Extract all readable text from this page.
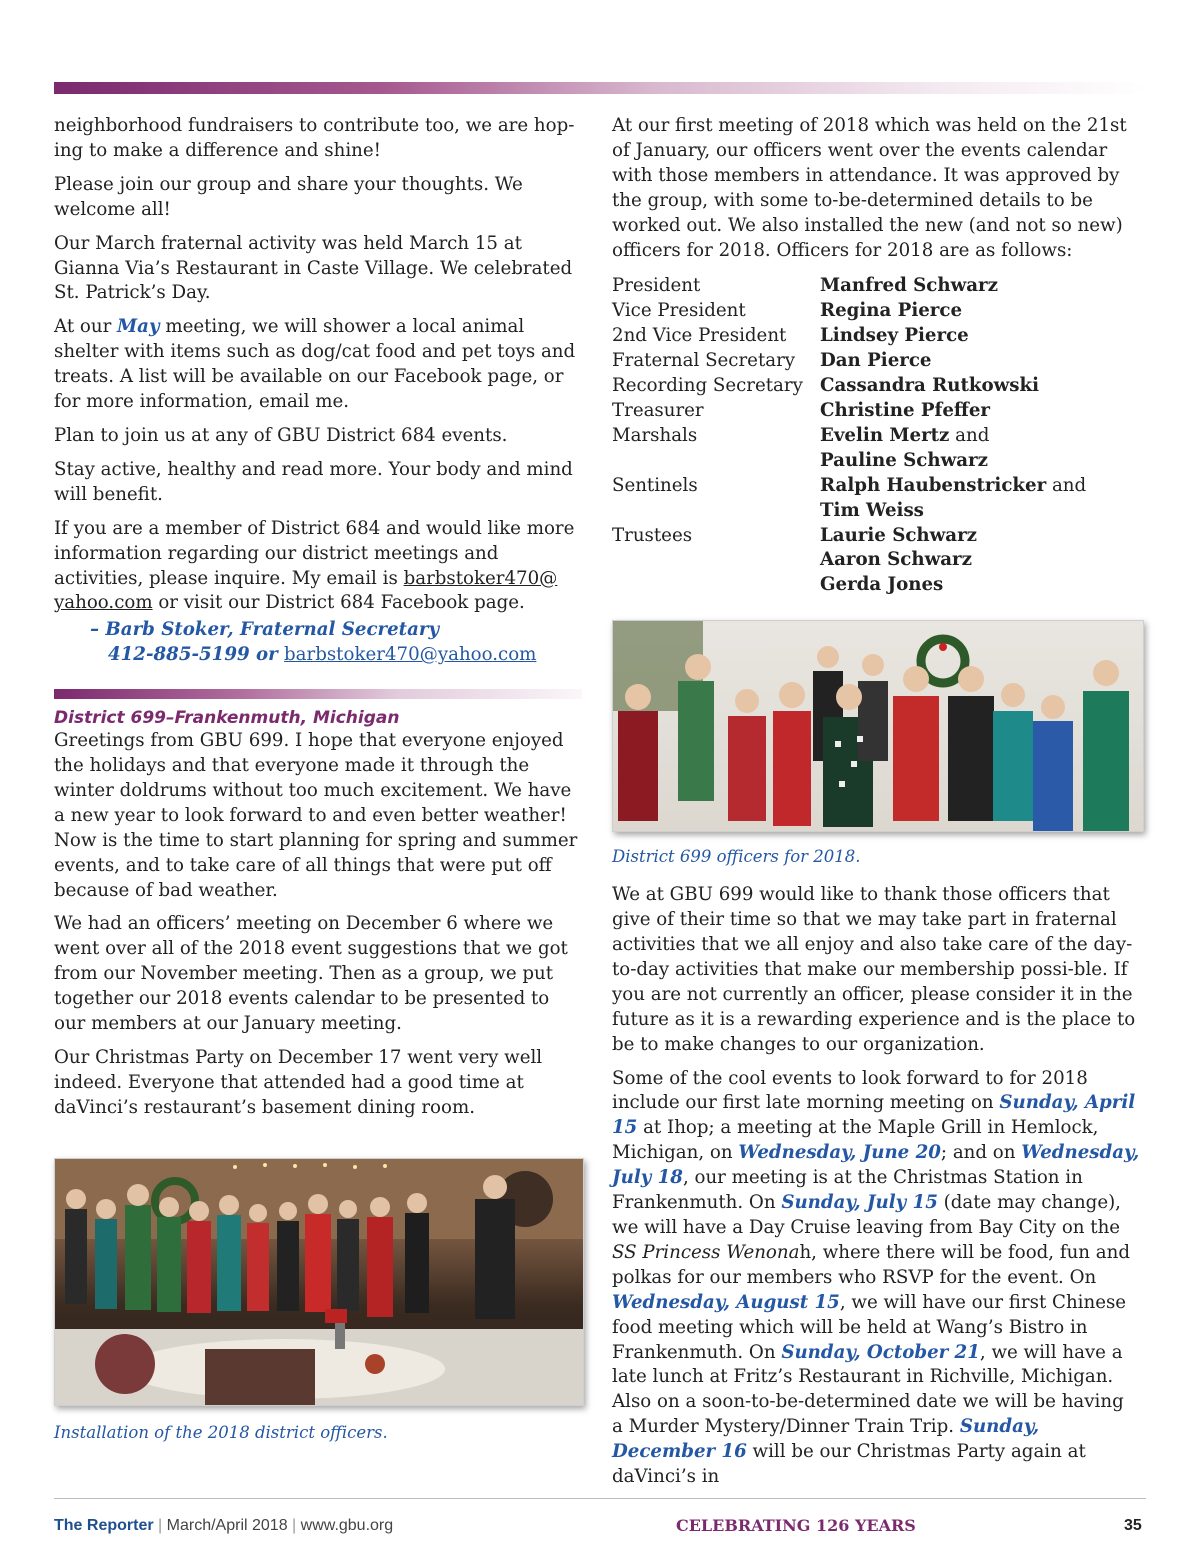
neighborhood fundraisers to contribute too, we are hop-ing to make a difference and shine!

Please join our group and share your thoughts. We welcome all!

Our March fraternal activity was held March 15 at Gianna Via’s Restaurant in Caste Village. We celebrated St. Patrick’s Day.

At our May meeting, we will shower a local animal shelter with items such as dog/cat food and pet toys and treats. A list will be available on our Facebook page, or for more information, email me.

Plan to join us at any of GBU District 684 events.

Stay active, healthy and read more. Your body and mind will benefit.

If you are a member of District 684 and would like more information regarding our district meetings and activities, please inquire. My email is barbstoker470@ yahoo.com or visit our District 684 Facebook page.

– Barb Stoker, Fraternal Secretary
412-885-5199 or barbstoker470@yahoo.com
District 699–Frankenmuth, Michigan

Greetings from GBU 699. I hope that everyone enjoyed the holidays and that everyone made it through the winter doldrums without too much excitement. We have a new year to look forward to and even better weather! Now is the time to start planning for spring and summer events, and to take care of all things that were put off because of bad weather.

We had an officers’ meeting on December 6 where we went over all of the 2018 event suggestions that we got from our November meeting. Then as a group, we put together our 2018 events calendar to be presented to our members at our January meeting.

Our Christmas Party on December 17 went very well indeed. Everyone that attended had a good time at daVinci’s restaurant’s basement dining room.

Installation of the 2018 district officers.

At our first meeting of 2018 which was held on the 21st of January, our officers went over the events calendar with those members in attendance. It was approved by the group, with some to-be-determined details to be worked out. We also installed the new (and not so new) officers for 2018. Officers for 2018 are as follows:

President	Manfred Schwarz
Vice President	Regina Pierce
2nd Vice President	Lindsey Pierce
Fraternal Secretary	Dan Pierce
Recording Secretary	Cassandra Rutkowski
Treasurer	Christine Pfeffer
Marshals	Evelin Mertz and
	Pauline Schwarz
Sentinels	Ralph Haubenstricker and
	Tim Weiss
Trustees	Laurie Schwarz
	Aaron Schwarz
	Gerda Jones
District 699 officers for 2018.

We at GBU 699 would like to thank those officers that give of their time so that we may take part in fraternal activities that we all enjoy and also take care of the day-to-day activities that make our membership possi-ble. If you are not currently an officer, please consider it in the future as it is a rewarding experience and is the place to be to make changes to our organization.

Some of the cool events to look forward to for 2018 include our first late morning meeting on Sunday, April 15 at Ihop; a meeting at the Maple Grill in Hemlock, Michigan, on Wednesday, June 20; and on Wednesday, July 18, our meeting is at the Christmas Station in Frankenmuth. On Sunday, July 15 (date may change), we will have a Day Cruise leaving from Bay City on the SS Princess Wenonah, where there will be food, fun and polkas for our members who RSVP for the event. On Wednesday, August 15, we will have our first Chinese food meeting which will be held at Wang’s Bistro in Frankenmuth. On Sunday, October 21, we will have a late lunch at Fritz’s Restaurant in Richville, Michigan. Also on a soon-to-be-determined date we will be having a Murder Mystery/Dinner Train Trip. Sunday, December 16 will be our Christmas Party again at daVinci’s in

The Reporter | March/April 2018 | www.gbu.org	CELEBRATING 126 YEARS	35
